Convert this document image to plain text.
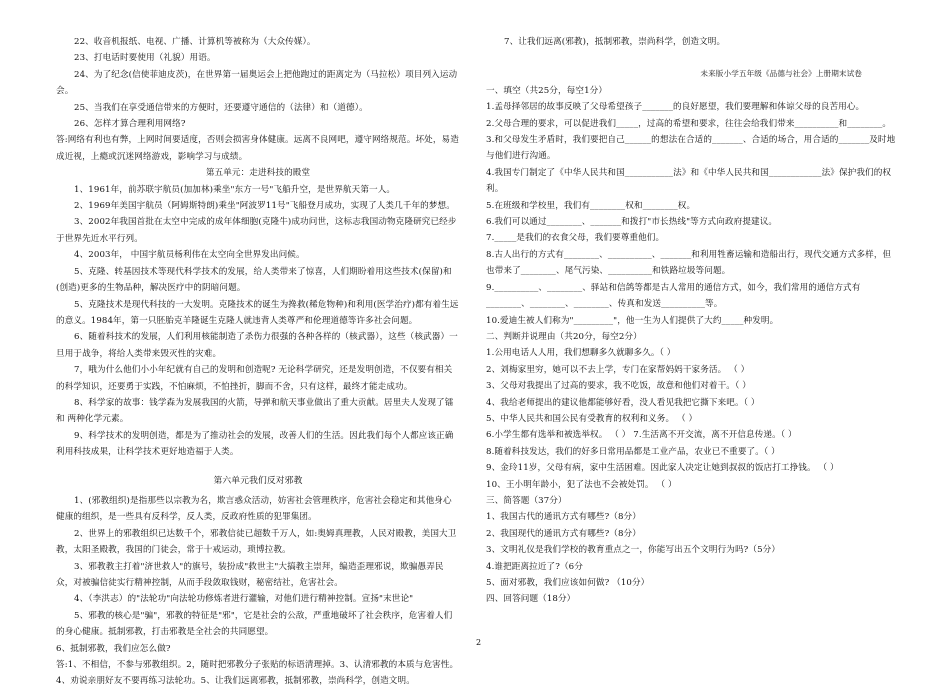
22、收音机报纸、电视、广播、计算机等被称为（大众传媒）。

23、打电话时要使用（礼貌）用语。

24、为了纪念(信使菲迪皮茨)，在世界第一届奥运会上把他跑过的距离定为（马拉松）项目列入运动会。

25、当我们在享受通信带来的方便时，还要遵守通信的（法律）和（道德）。

26、怎样才算合理利用网络?

答:网络有利也有弊，上网时间要适度，否则会损害身体健康。远离不良网吧，遵守网络规范。坏处，易造成近视，上瘾或沉迷网络游戏，影响学习与成绩。

第五单元：走进科技的殿堂

1、1961年，前苏联宇航员(加加林)乘坐"东方一号"飞船升空，是世界航天第一人。

2、1969年美国宇航员（阿姆斯特朗)乘坐"阿波罗11号"飞船登月成功，实现了人类几千年的梦想。

3、2002年我国首批在太空中完成的成年体细胞(克隆牛)成功问世，这标志我国动物克隆研究已经步于世界先近水平行列。

4、2003年， 中国宇航员杨利伟在太空向全世界发出问候。

5、克隆、转基因技术等现代科学技术的发展，给人类带来了惊喜，人们期盼着用这些技术(保留)和(创造)更多的生物品种，解决医疗中的阴暗问题。

5、克隆技术是现代科技的一大发明。克隆技术的诞生为搀救(稀危物种)和利用(医学治疗)都有着生远的意义。1984年，第一只胚胎克羊隆诞生克隆人就违背人类尊严和伦理道德等许多社会问题。

6、随着科技术的发展，人们利用核能制造了杀伤力很强的各种各样的（核武器），这些（核武器）一旦用于战争，将给人类带来毁灭性的灾难。

7，哦为什么他们小小年纪就有自己的发明和创造呢? 无论科学研究，还是发明创造，不仅要有相关的科学知识，还要勇于实践，不怕麻烦，不怕挫折，脚而不舍，只有这样，最终才能走成功。

8、科学家的故事：钱学森为发展我国的火箭，导弹和航天事业做出了重大贡献。居里夫人发现了镭和 两种化学元素。

9、科学技术的发明创造，都是为了推动社会的发展，改善人们的生活。因此我们每个人都应该正确利用科技成果，让科学技术更好地造福于人类。

第六单元我们反对邪教

1、(邪教组织)是指那些以宗教为名，欺言惑众活动，妨害社会管理秩序，危害社会稳定和其他身心健康的组织，是一些具有反科学，反人类，反政府性质的犯罪集团。

2、世界上的邪教组织已达数千个，邪教信徒已超数千万人，如:奥姆真理教，人民对殿教，美国大卫教，太阳圣殿教，我国的门徒会，常于十戒运动，琐博拉教。

3、邪教教主打着"济世救人"的旗号，装扮成"救世主"大搞教主崇拜，编造歪理邪说，欺骗愚弄民众，对被骗信徒实行精神控制，从而手段敛取钱财，秘密结社，危害社会。

4、（李洪志）的"法轮功"向法轮功修炼者进行灌输，对他们进行精神控制。宣扬"末世论"

5、邪教的核心是"骗"，邪教的特征是"邪"，它是社会的公敌，严重地破坏了社会秩序，危害着人们的身心健康。抵制邪教，打击邪教是全社会的共同愿望。

6、抵制邪教，我们应怎么做?

答:1、不相信，不参与邪教组织。2，随时把邪教分子张贴的标语清理掉。3、认清邪教的本质与危害性。4、劝说亲朋好友不要再练习法轮功。5、让我们远离邪教，抵制邪教，崇尚科学，创造文明。

7、让我们远离(邪教)，抵制邪教，崇尚科学，创造文明。

未来版小学五年级《品德与社会》上册期末试卷

一、填空（共25分，每空1分）

1.孟母择邻居的故事反映了父母希望孩子_______的良好愿望，我们要理解和体谅父母的良苦用心。

2.父母合理的要求，可以促进我们_____，过高的希望和要求，往往会给我们带来__________和________。

3.和父母发生矛盾时，我们要把自己______的想法在合适的_______、合适的场合，用合适的_______及时地与他们进行沟通。

4.我国专门制定了《中华人民共和国___________法》和《中华人民共和国____________法》保护我们的权利。

5.在班级和学校里，我们有________权和________权。

6.我们可以通过________、_______和拨打"市长热线"等方式向政府提建议。

7._____是我们的衣食父母，我们要尊重他们。

8.古人出行的方式有________、__________、_______和利用牲畜运输和造船出行，现代交通方式多样，但也带来了________、尾气污染、__________和铁路垃圾等问题。

9.__________、________、驿站和信鸽等都是古人常用的通信方式，如今，我们常用的通信方式有________、________、________、传真和发送__________等。

10.爱迪生被人们称为"_________"，他一生为人们提供了大约_____种发明。

二、判断并说理由（共20分，每空2分）

1.公用电话人人用，我们想聊多久就聊多久。（ ）

2、刘梅家里穷，她可以不去上学，专门在家帮妈妈干家务活。 （ ）

3、父母对我提出了过高的要求，我不吃饭，故意和他们对着干。（ ）

4、我给老师提出的建议他都能够好看，没人看见我把它撕下来吧。（ ）

5、中华人民共和国公民有受教育的权利和义务。 （ ）

6.小学生都有选举和被选举权。 （ ） 7.生活离不开交流，离不开信息传递。（ ）

8.随着科技发达，我们的好多日常用品都是工业产品，农业已不重要了。（ ）

9、金玲11岁，父母有病，家中生活困难。因此家人决定让她到叔叔的饭店打工挣钱。 （ ）

10、王小明年龄小，犯了法也不会被处罚。 （ ）

三、简答题（37分）

1、我国古代的通讯方式有哪些?（8分）

2、我国现代的通讯方式有哪些?（8分）

3、文明礼仪是我们学校的教育重点之一，你能写出五个文明行为吗?（5分）

4.谁把距离拉近了?（6分

5、面对邪教，我们应该如何做? （10分）

四、回答问题（18分）

2
